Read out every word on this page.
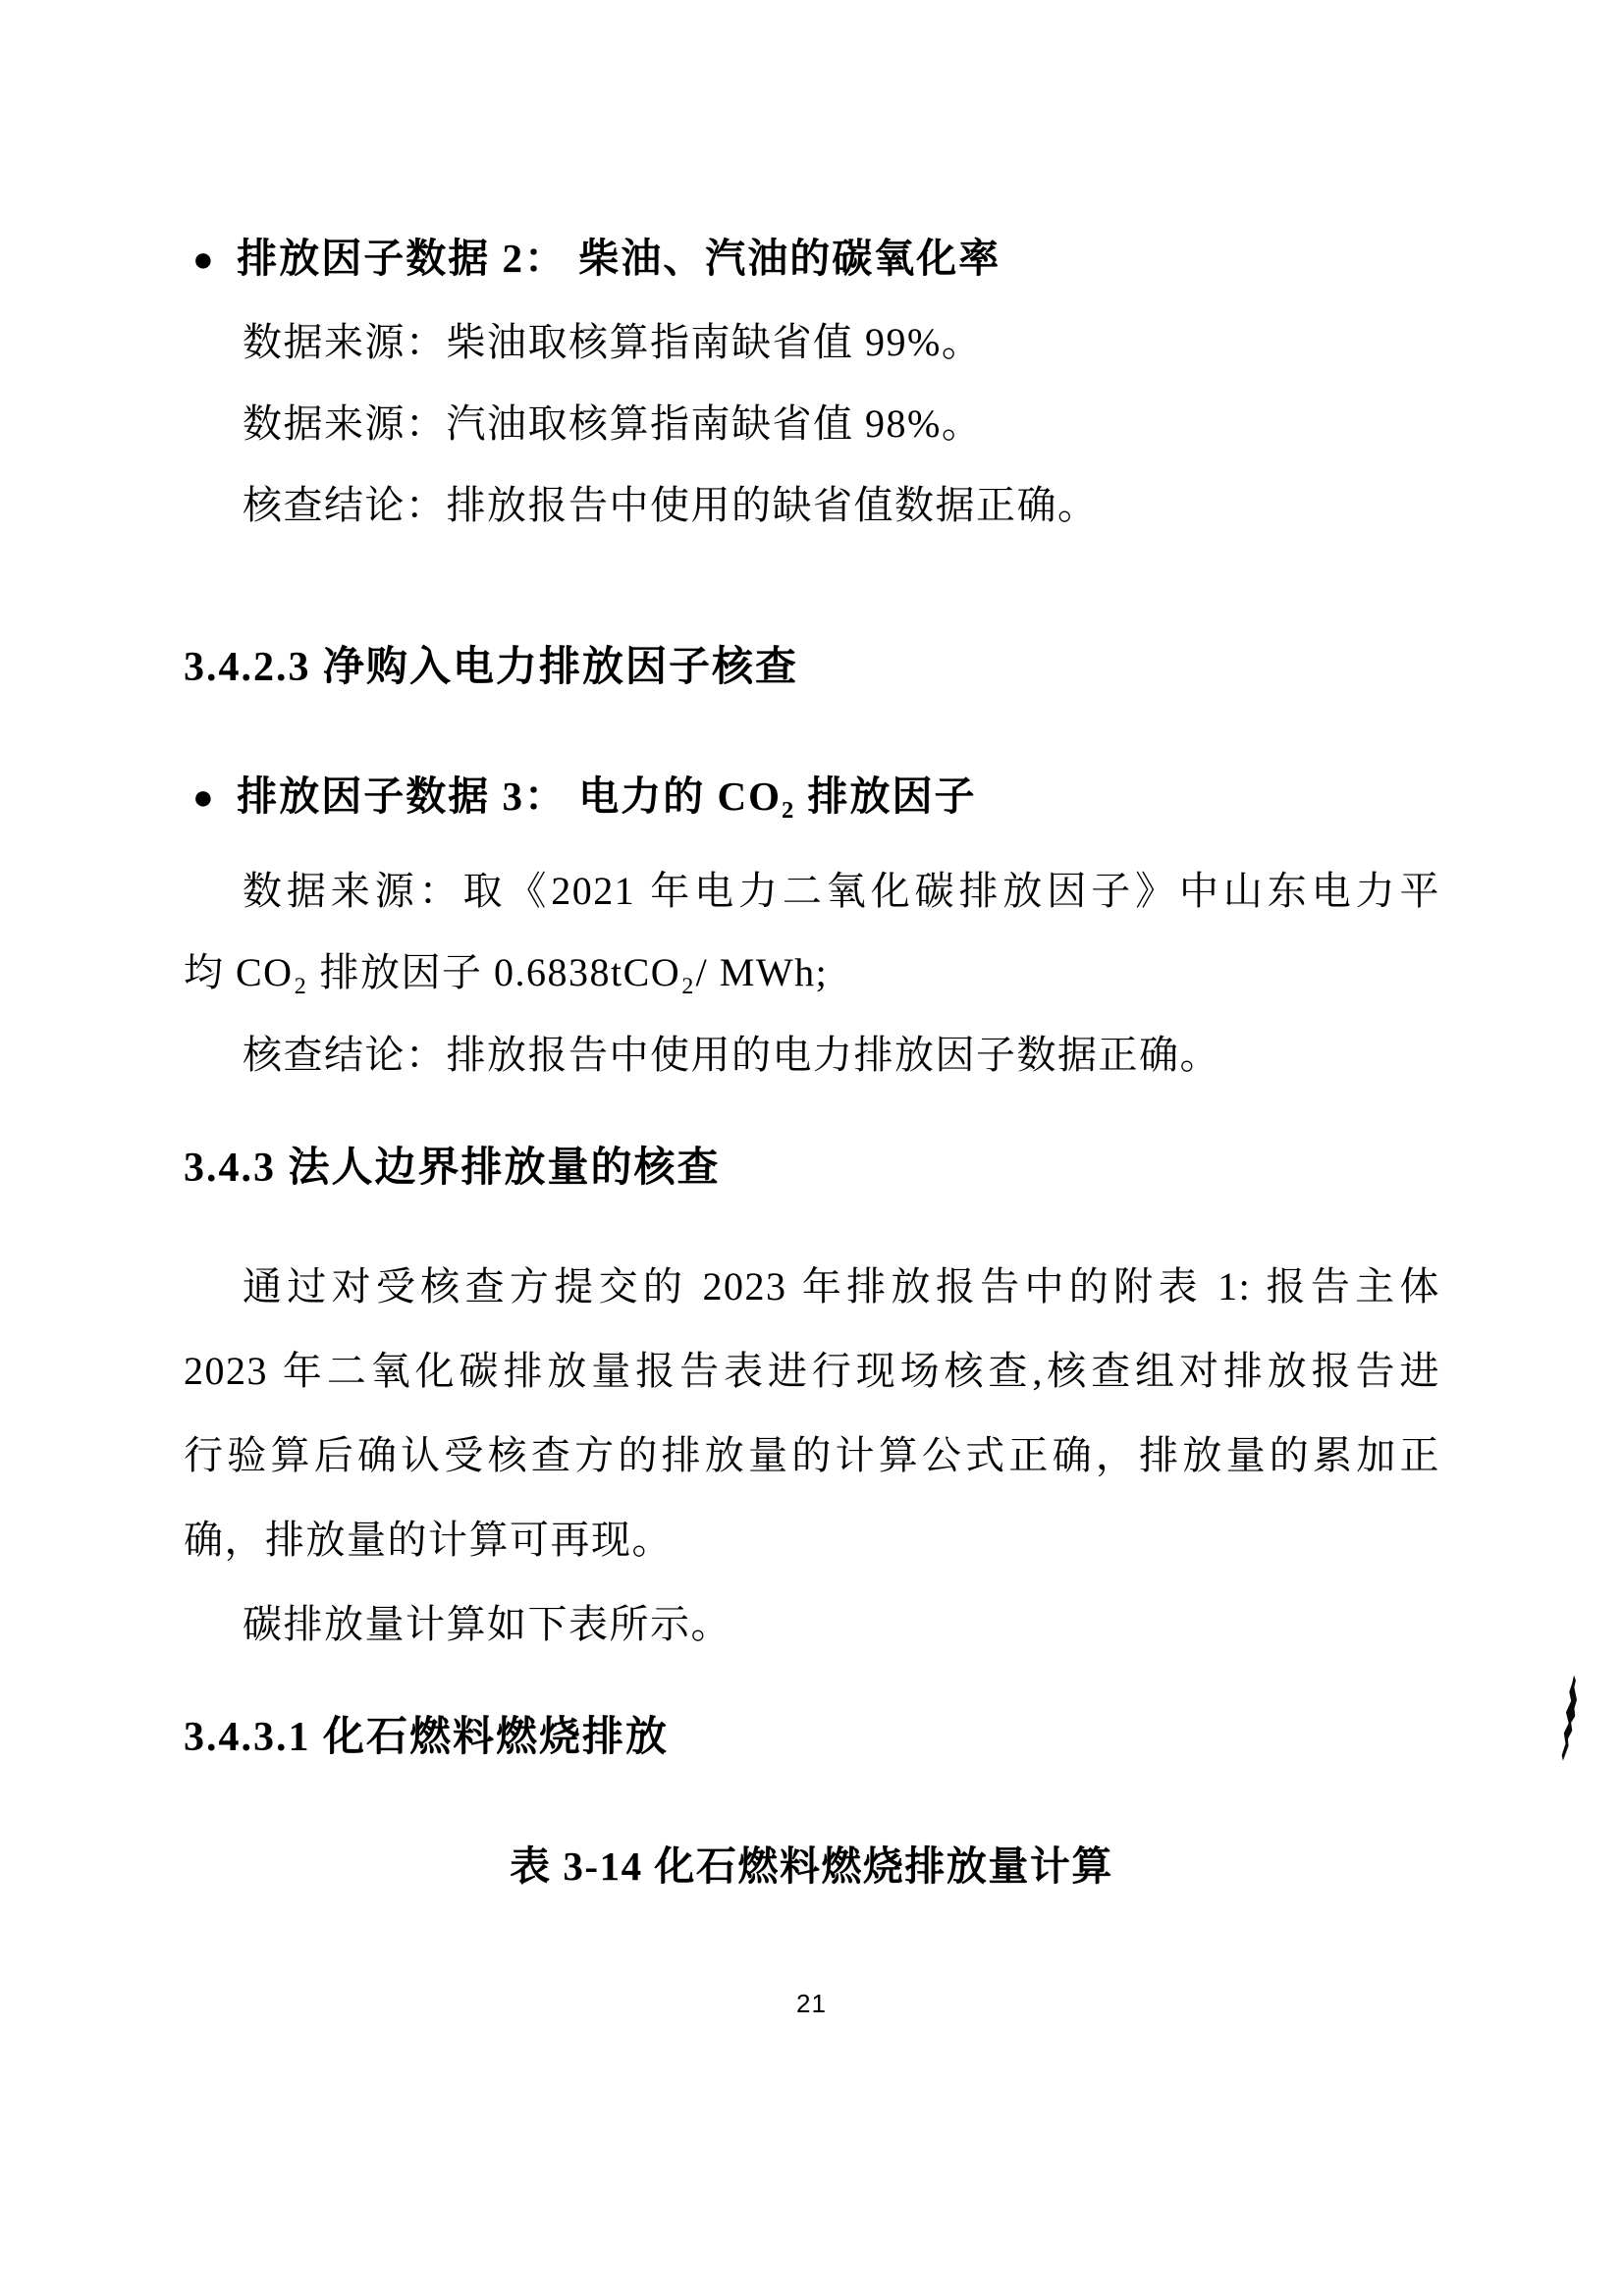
● 排放因子数据 2： 柴油、汽油的碳氧化率
数据来源：柴油取核算指南缺省值 99%。
数据来源：汽油取核算指南缺省值 98%。
核查结论：排放报告中使用的缺省值数据正确。
3.4.2.3 净购入电力排放因子核查
● 排放因子数据 3： 电力的 CO₂ 排放因子
数据来源：取《2021 年电力二氧化碳排放因子》中山东电力平
均 CO₂ 排放因子 0.6838tCO₂/ MWh;
核查结论：排放报告中使用的电力排放因子数据正确。
3.4.3 法人边界排放量的核查
通过对受核查方提交的 2023 年排放报告中的附表 1: 报告主体
2023 年二氧化碳排放量报告表进行现场核查,核查组对排放报告进
行验算后确认受核查方的排放量的计算公式正确，排放量的累加正
确，排放量的计算可再现。
碳排放量计算如下表所示。
3.4.3.1 化石燃料燃烧排放
表 3-14 化石燃料燃烧排放量计算
21
